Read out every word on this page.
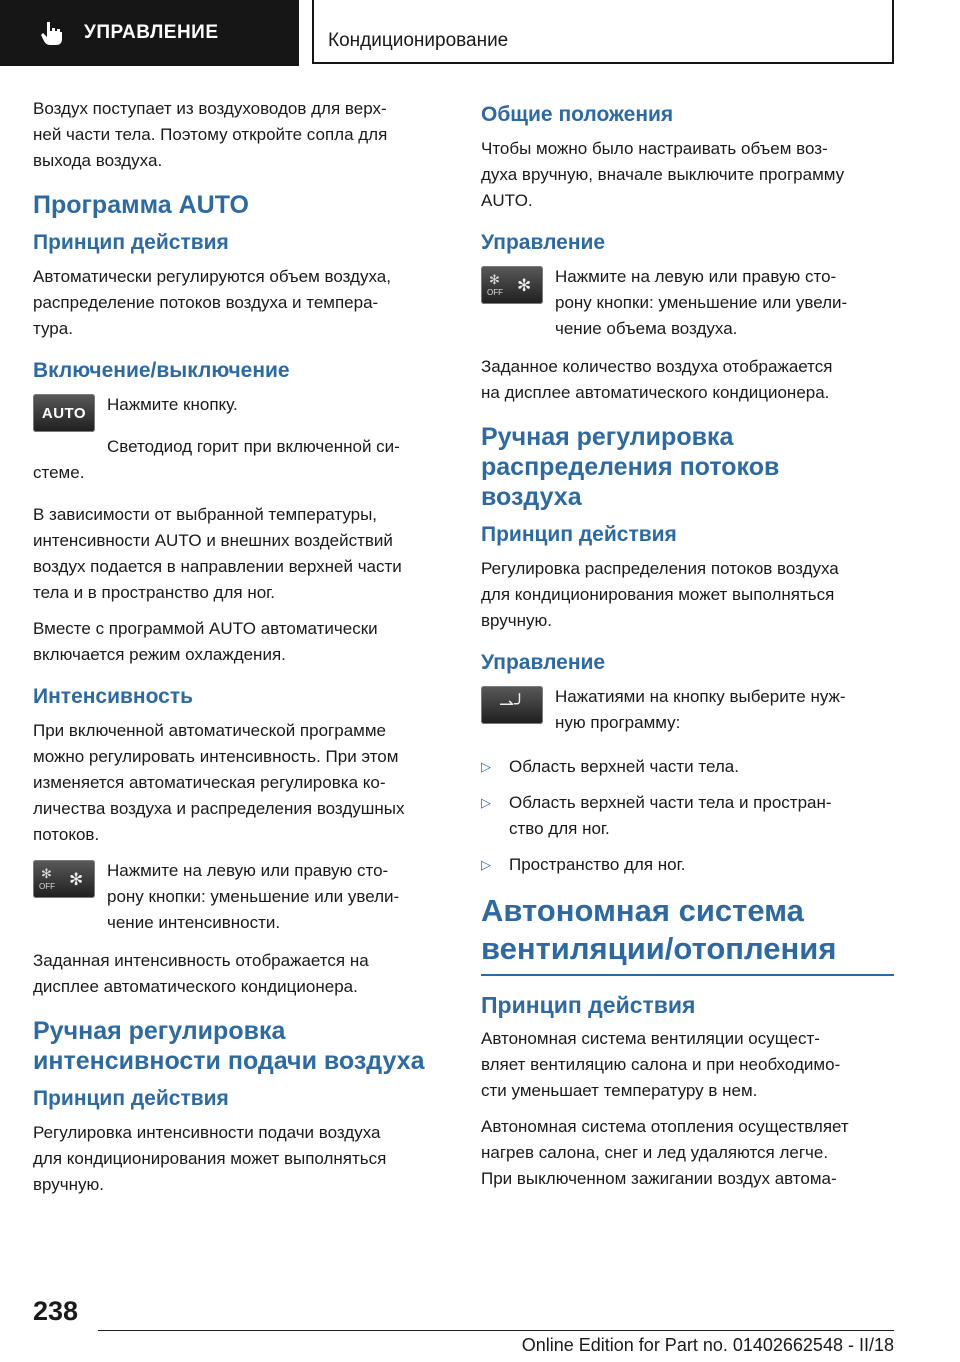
УПРАВЛЕНИЕ	Кондиционирование

Воздух поступает из воздуховодов для верх-
ней части тела. Поэтому откройте сопла для
выхода воздуха.

Программа AUTO
Принцип действия

Автоматически регулируются объем воздуха,
распределение потоков воздуха и темпера-
тура.

Включение/выключение
AUTO	Нажмите кнопку.

Светодиод горит при включенной си-
стеме.

В зависимости от выбранной температуры,
интенсивности AUTO и внешних воздействий
воздух подается в направлении верхней части
тела и в пространство для ног.

Вместе с программой AUTO автоматически
включается режим охлаждения.

Интенсивность

При включенной автоматической программе
можно регулировать интенсивность. При этом
изменяется автоматическая регулировка ко-
личества воздуха и распределения воздушных
потоков.

✻
OFF ✻ Нажмите на левую или правую сто-
рону кнопки: уменьшение или увели-
чение интенсивности.

Заданная интенсивность отображается на
дисплее автоматического кондиционера.

Ручная регулировка
интенсивности подачи воздуха
Принцип действия

Регулировка интенсивности подачи воздуха
для кондиционирования может выполняться
вручную.

Общие положения

Чтобы можно было настраивать объем воз-
духа вручную, вначале выключите программу
AUTO.

Управление
✻
OFF ✻ Нажмите на левую или правую сто-
рону кнопки: уменьшение или увели-
чение объема воздуха.

Заданное количество воздуха отображается
на дисплее автоматического кондиционера.

Ручная регулировка
распределения потоков
воздуха
Принцип действия

Регулировка распределения потоков воздуха
для кондиционирования может выполняться
вручную.

Управление
⇀╯ Нажатиями на кнопку выберите нуж-
ную программу:

▷	Область верхней части тела.

▷	Область верхней части тела и простран-
ство для ног.

▷	Пространство для ног.

Автономная система
вентиляции/отопления
Принцип действия

Автономная система вентиляции осущест-
вляет вентиляцию салона и при необходимо-
сти уменьшает температуру в нем.

Автономная система отопления осуществляет
нагрев салона, снег и лед удаляются легче.
При выключенном зажигании воздух автома-

238
Online Edition for Part no. 01402662548 - II/18
